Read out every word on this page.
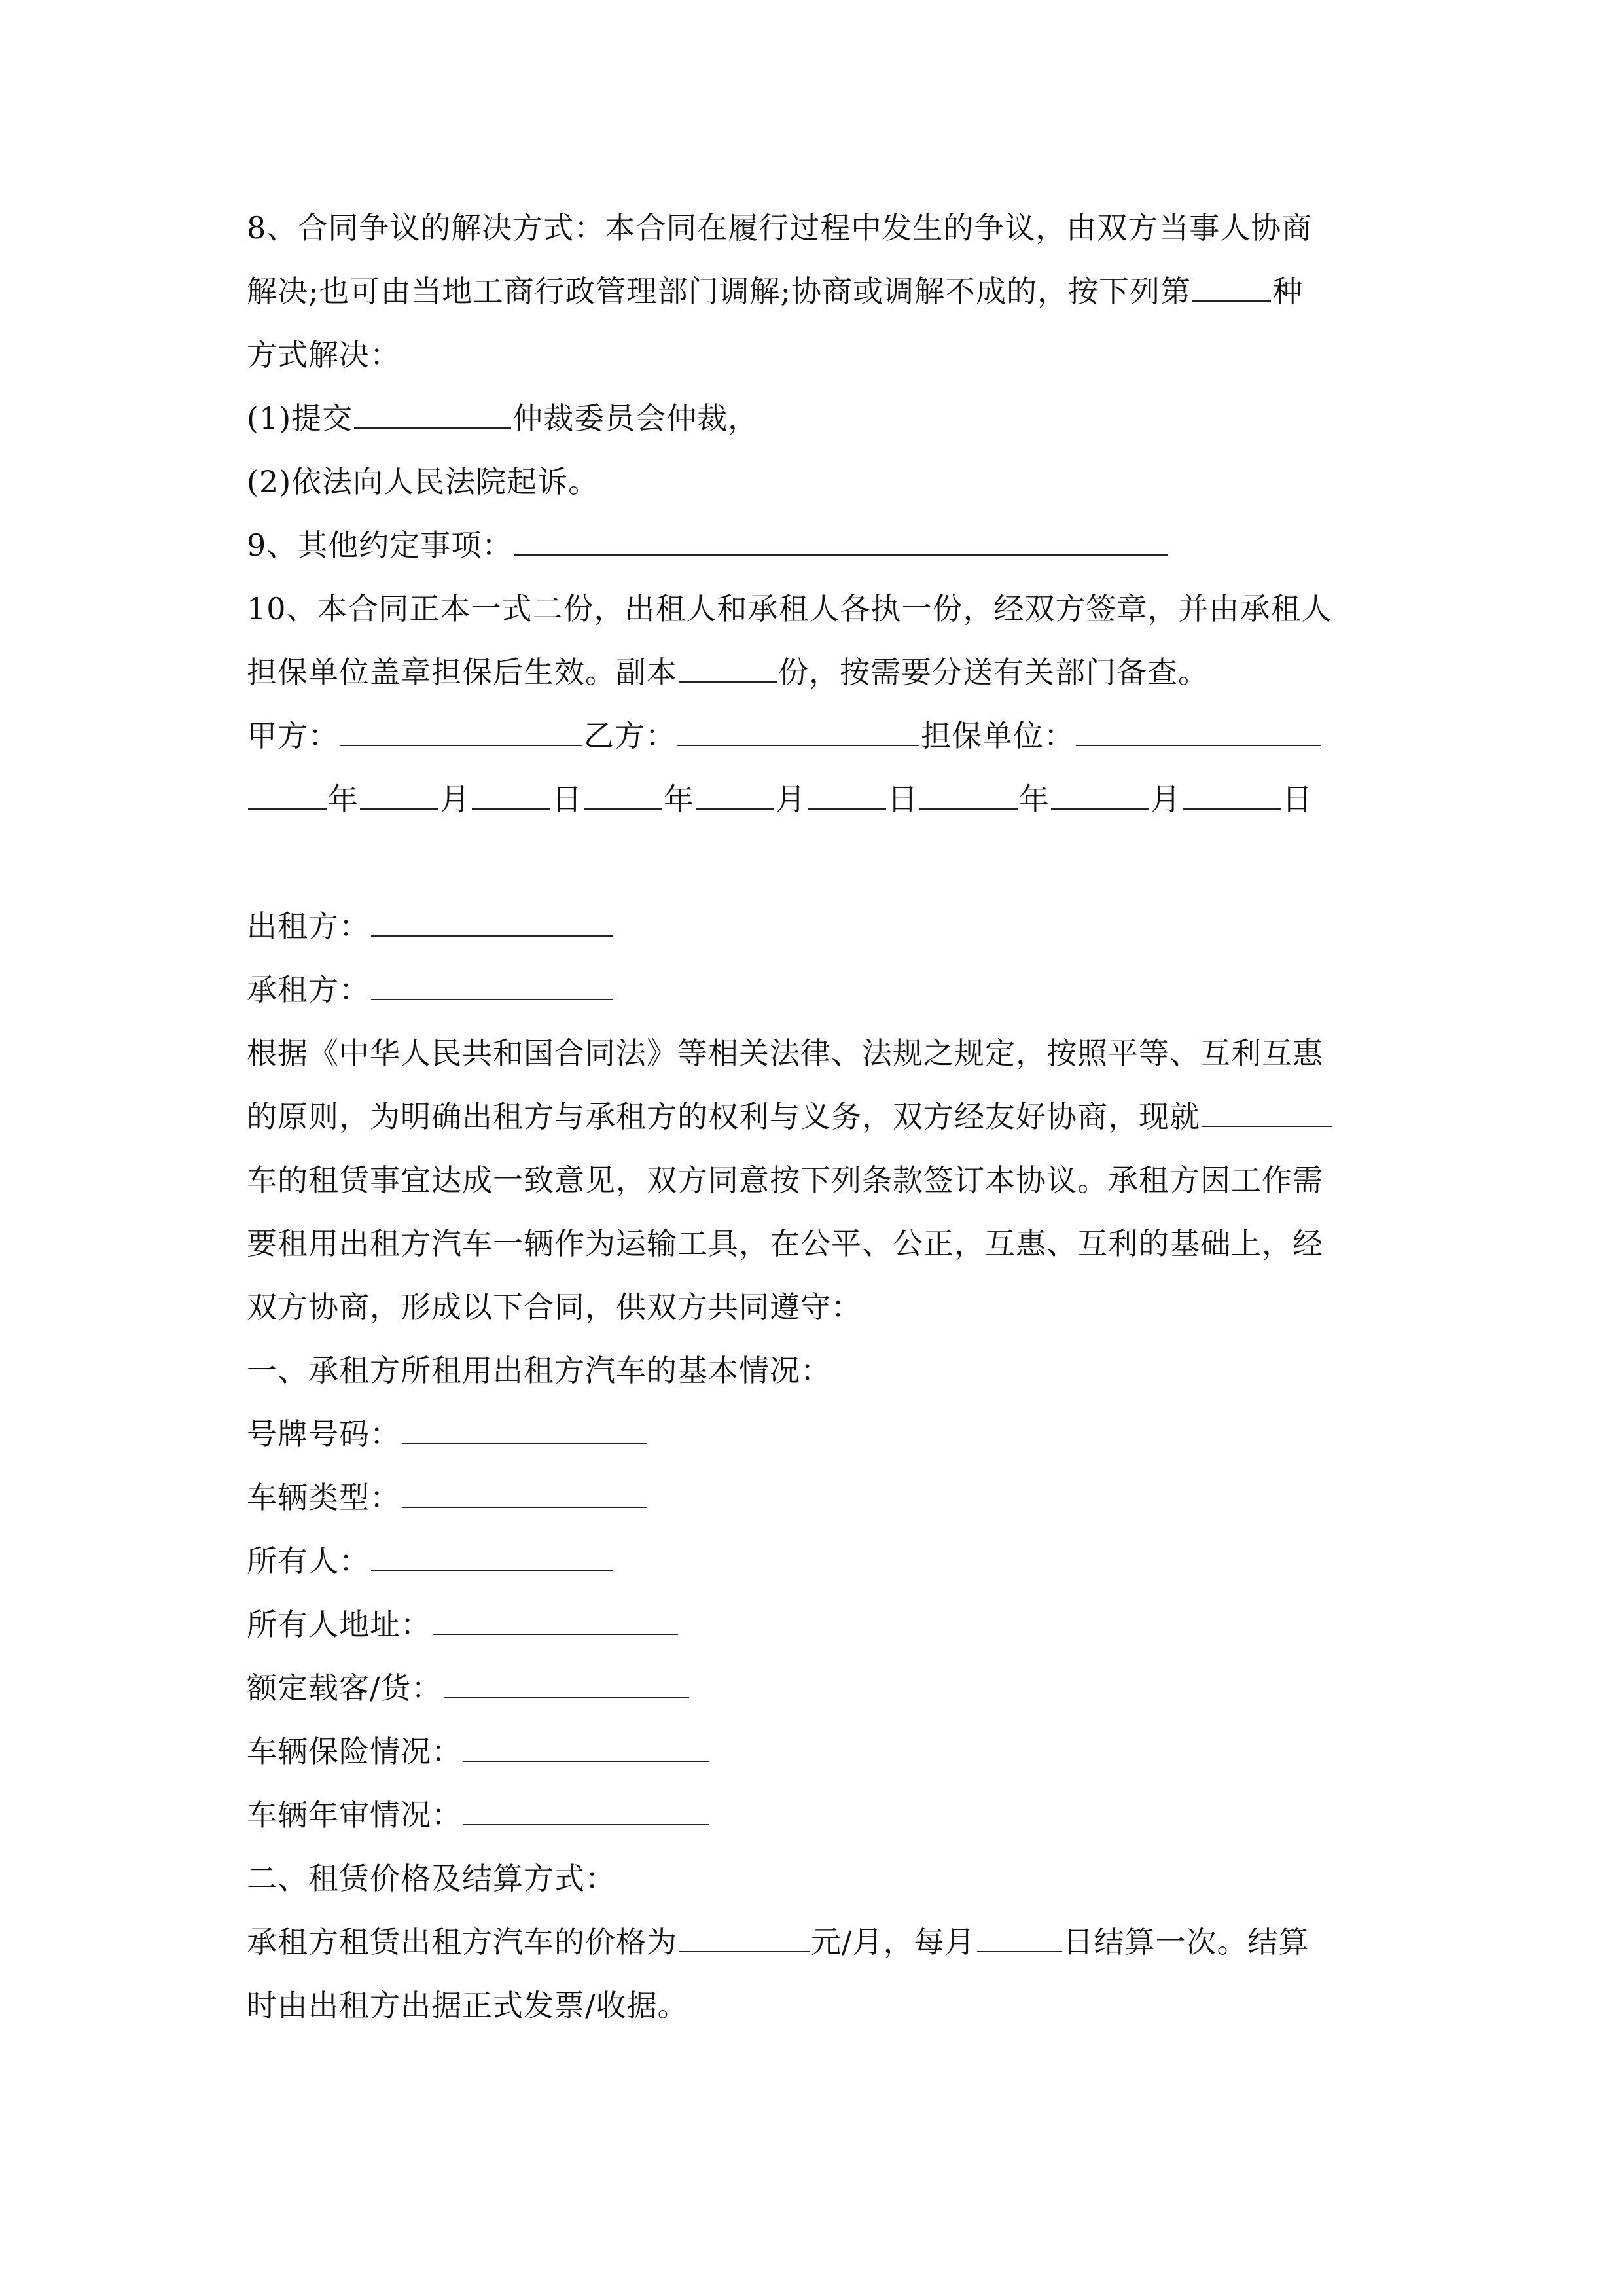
8、合同争议的解决方式：本合同在履行过程中发生的争议，由双方当事人协商
解决;也可由当地工商行政管理部门调解;协商或调解不成的，按下列第	种
方式解决：
(1)提交	仲裁委员会仲裁，
(2)依法向人民法院起诉。
9、其他约定事项：
10、本合同正本一式二份，出租人和承租人各执一份，经双方签章，并由承租人
担保单位盖章担保后生效。副本	份，按需要分送有关部门备查。
甲方：	乙方：	担保单位：
年	月	日	年	月	日	年	月	日
出租方：
承租方：
根据《中华人民共和国合同法》等相关法律、法规之规定，按照平等、互利互惠
的原则，为明确出租方与承租方的权利与义务，双方经友好协商，现就
车的租赁事宜达成一致意见，双方同意按下列条款签订本协议。承租方因工作需
要租用出租方汽车一辆作为运输工具，在公平、公正，互惠、互利的基础上，经
双方协商，形成以下合同，供双方共同遵守：
一、承租方所租用出租方汽车的基本情况：
号牌号码：
车辆类型：
所有人：
所有人地址：
额定载客/货：
车辆保险情况：
车辆年审情况：
二、租赁价格及结算方式：
承租方租赁出租方汽车的价格为	元/月，每月	日结算一次。结算
时由出租方出据正式发票/收据。
